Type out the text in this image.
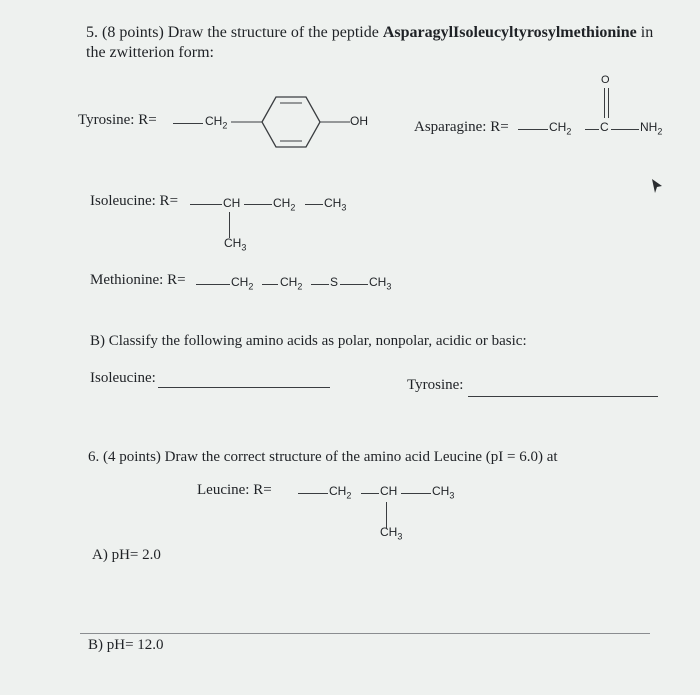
5. (8 points) Draw the structure of the peptide AsparagylIsoleucyltyrosylmethionine in
the zwitterion form:
Tyrosine: R=	$CH_2$	OH	Asparagine: R=	$CH_2$ C
O
$NH_2$
Isoleucine: R=	CH	$CH_2$ $CH_3$
$CH_3$
Methionine: R=	$CH_2$ $CH_2$ S	$CH_3$
B) Classify the following amino acids as polar, nonpolar, acidic or basic:
Isoleucine:	Tyrosine:
6. (4 points) Draw the correct structure of the amino acid Leucine (pI = 6.0) at
Leucine: R=	$CH_2$ CH	$CH_3$
$CH_3$
A) pH= 2.0
B) pH= 12.0
